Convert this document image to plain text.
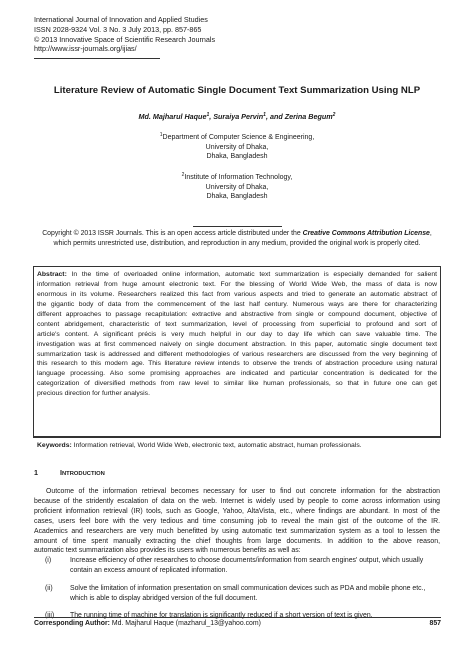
International Journal of Innovation and Applied Studies
ISSN 2028-9324 Vol. 3 No. 3 July 2013, pp. 857-865
© 2013 Innovative Space of Scientific Research Journals
http://www.issr-journals.org/ijias/
Literature Review of Automatic Single Document Text Summarization Using NLP
Md. Majharul Haque$^1$, Suraiya Pervin$^1$, and Zerina Begum$^2$
$^1$Department of Computer Science & Engineering,
University of Dhaka,
Dhaka, Bangladesh
$^2$Institute of Information Technology,
University of Dhaka,
Dhaka, Bangladesh
Copyright © 2013 ISSR Journals. This is an open access article distributed under the Creative Commons Attribution License,
which permits unrestricted use, distribution, and reproduction in any medium, provided the original work is properly cited.
Abstract: In the time of overloaded online information, automatic text summarization is especially demanded for salient
information retrieval from huge amount electronic text. For the blessing of World Wide Web, the mass of data is now
enormous in its volume. Researchers realized this fact from various aspects and tried to generate an automatic abstract of
the gigantic body of data from the commencement of the last half century. Numerous ways are there for characterizing
different approaches to passage recapitulation: extractive and abstractive from single or compound document, objective of
content abridgement, characteristic of text summarization, level of processing from superficial to profound and sort of
article's content. A significant précis is very much helpful in our day to day life which can save valuable time. The
investigation was at first commenced naively on single document abstraction. In this paper, automatic single document text
summarization task is addressed and different methodologies of various researchers are discussed from the very beginning of
this research to this modern age. This literature review intends to observe the trends of abstraction procedure using natural
language processing. Also some promising approaches are indicated and particular concentration is dedicated for the
categorization of diversified methods from raw level to similar like human professionals, so that in future one can get
precious direction for further analysis.
Keywords: Information retrieval, World Wide Web, electronic text, automatic abstract, human professionals.
1	INTRODUCTION
Outcome of the information retrieval becomes necessary for user to find out concrete information for the abstraction
because of the stridently escalation of data on the web. Internet is widely used by people to come across information using
proficient information retrieval (IR) tools, such as Google, Yahoo, AltaVista, etc., where findings are abundant. In most of the
cases, users feel bore with the very tedious and time consuming job to reveal the main gist of the outcome of the IR.
Academics and researchers are very much benefitted by using automatic text summarization system as a tool to lessen the
amount of time spent manually extracting the chief thoughts from large documents. In addition to the above reason,
automatic text summarization also provides its users with numerous benefits as well as:
(i)	Increase efficiency of other researches to choose documents/information from search engines' output, which usually
contain an excess amount of replicated information.
(ii)	Solve the limitation of information presentation on small communication devices such as PDA and mobile phone etc.,
which is able to display abridged version of the full document.
(iii) The running time of machine for translation is significantly reduced if a short version of text is given.
Corresponding Author: Md. Majharul Haque (mazharul_13@yahoo.com)	857
